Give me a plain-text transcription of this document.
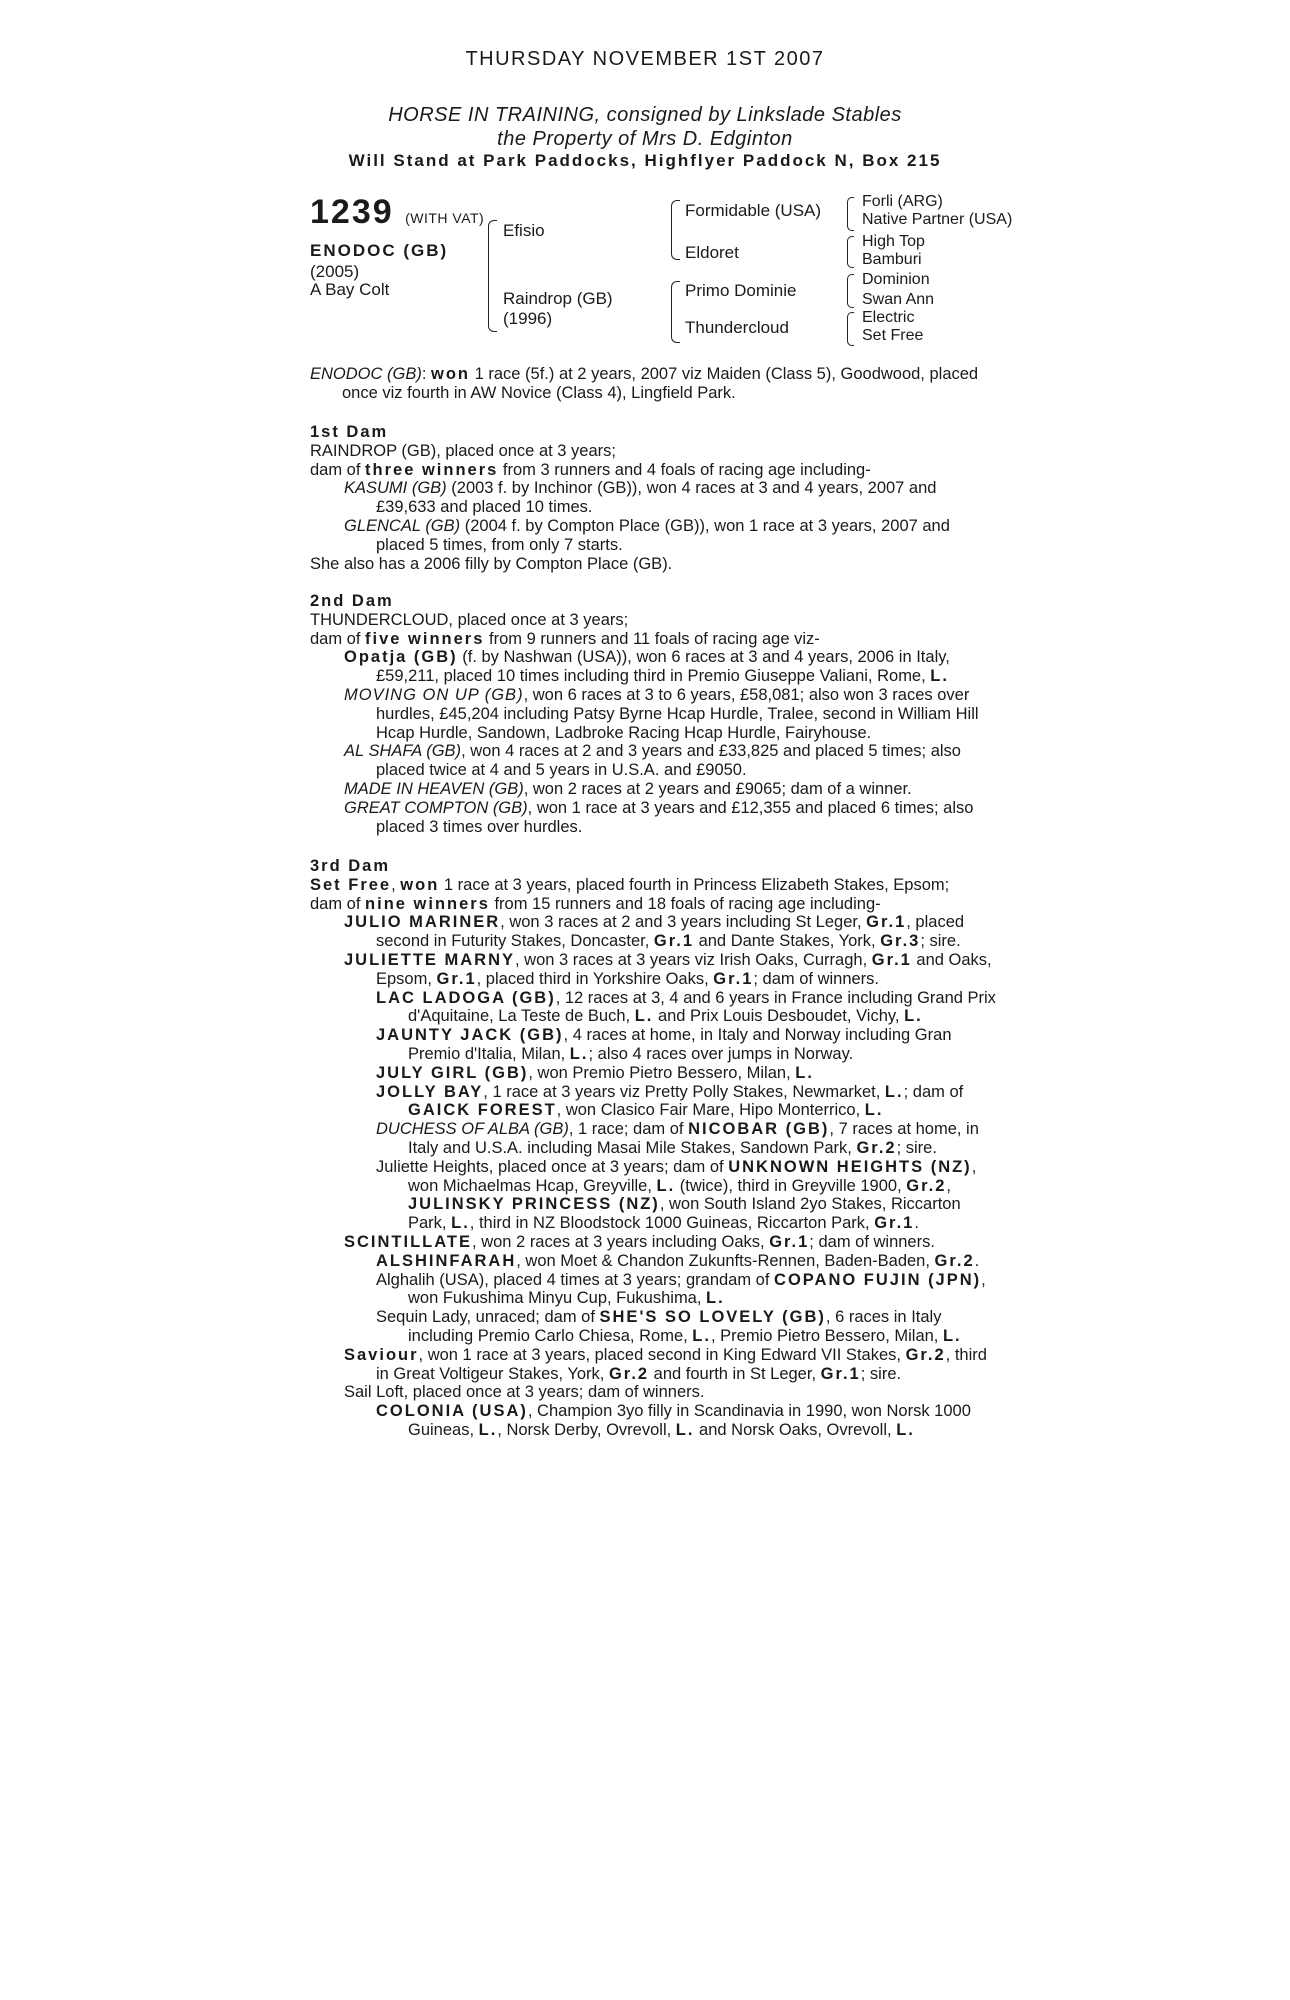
THURSDAY NOVEMBER 1ST 2007
HORSE IN TRAINING, consigned by Linkslade Stables
the Property of Mrs D. Edginton
Will Stand at Park Paddocks, Highflyer Paddock N, Box 215
1239 (WITH VAT)
ENODOC (GB)
(2005)
A Bay Colt
Efisio
Raindrop (GB)
(1996)
Formidable (USA)
Eldoret
Primo Dominie
Thundercloud
Forli (ARG)
Native Partner (USA)
High Top
Bamburi
Dominion
Swan Ann
Electric
Set Free

ENODOC (GB): won 1 race (5f.) at 2 years, 2007 viz Maiden (Class 5), Goodwood, placed once viz fourth in AW Novice (Class 4), Lingfield Park.

1st Dam

RAINDROP (GB), placed once at 3 years;

dam of three winners from 3 runners and 4 foals of racing age including-

KASUMI (GB) (2003 f. by Inchinor (GB)), won 4 races at 3 and 4 years, 2007 and £39,633 and placed 10 times.

GLENCAL (GB) (2004 f. by Compton Place (GB)), won 1 race at 3 years, 2007 and placed 5 times, from only 7 starts.

She also has a 2006 filly by Compton Place (GB).

2nd Dam

THUNDERCLOUD, placed once at 3 years;

dam of five winners from 9 runners and 11 foals of racing age viz-

Opatja (GB) (f. by Nashwan (USA)), won 6 races at 3 and 4 years, 2006 in Italy, £59,211, placed 10 times including third in Premio Giuseppe Valiani, Rome, L.

MOVING ON UP (GB), won 6 races at 3 to 6 years, £58,081; also won 3 races over hurdles, £45,204 including Patsy Byrne Hcap Hurdle, Tralee, second in William Hill Hcap Hurdle, Sandown, Ladbroke Racing Hcap Hurdle, Fairyhouse.

AL SHAFA (GB), won 4 races at 2 and 3 years and £33,825 and placed 5 times; also placed twice at 4 and 5 years in U.S.A. and £9050.

MADE IN HEAVEN (GB), won 2 races at 2 years and £9065; dam of a winner.

GREAT COMPTON (GB), won 1 race at 3 years and £12,355 and placed 6 times; also placed 3 times over hurdles.

3rd Dam

Set Free, won 1 race at 3 years, placed fourth in Princess Elizabeth Stakes, Epsom;

dam of nine winners from 15 runners and 18 foals of racing age including-

JULIO MARINER, won 3 races at 2 and 3 years including St Leger, Gr.1, placed second in Futurity Stakes, Doncaster, Gr.1 and Dante Stakes, York, Gr.3; sire.

JULIETTE MARNY, won 3 races at 3 years viz Irish Oaks, Curragh, Gr.1 and Oaks, Epsom, Gr.1, placed third in Yorkshire Oaks, Gr.1; dam of winners.

LAC LADOGA (GB), 12 races at 3, 4 and 6 years in France including Grand Prix d'Aquitaine, La Teste de Buch, L. and Prix Louis Desboudet, Vichy, L.

JAUNTY JACK (GB), 4 races at home, in Italy and Norway including Gran Premio d'Italia, Milan, L.; also 4 races over jumps in Norway.

JULY GIRL (GB), won Premio Pietro Bessero, Milan, L.

JOLLY BAY, 1 race at 3 years viz Pretty Polly Stakes, Newmarket, L.; dam of GAICK FOREST, won Clasico Fair Mare, Hipo Monterrico, L.

DUCHESS OF ALBA (GB), 1 race; dam of NICOBAR (GB), 7 races at home, in Italy and U.S.A. including Masai Mile Stakes, Sandown Park, Gr.2; sire.

Juliette Heights, placed once at 3 years; dam of UNKNOWN HEIGHTS (NZ), won Michaelmas Hcap, Greyville, L. (twice), third in Greyville 1900, Gr.2, JULINSKY PRINCESS (NZ), won South Island 2yo Stakes, Riccarton Park, L., third in NZ Bloodstock 1000 Guineas, Riccarton Park, Gr.1.

SCINTILLATE, won 2 races at 3 years including Oaks, Gr.1; dam of winners.

ALSHINFARAH, won Moet & Chandon Zukunfts-Rennen, Baden-Baden, Gr.2.

Alghalih (USA), placed 4 times at 3 years; grandam of COPANO FUJIN (JPN), won Fukushima Minyu Cup, Fukushima, L.

Sequin Lady, unraced; dam of SHE'S SO LOVELY (GB), 6 races in Italy including Premio Carlo Chiesa, Rome, L., Premio Pietro Bessero, Milan, L.

Saviour, won 1 race at 3 years, placed second in King Edward VII Stakes, Gr.2, third in Great Voltigeur Stakes, York, Gr.2 and fourth in St Leger, Gr.1; sire.

Sail Loft, placed once at 3 years; dam of winners.

COLONIA (USA), Champion 3yo filly in Scandinavia in 1990, won Norsk 1000 Guineas, L., Norsk Derby, Ovrevoll, L. and Norsk Oaks, Ovrevoll, L.
